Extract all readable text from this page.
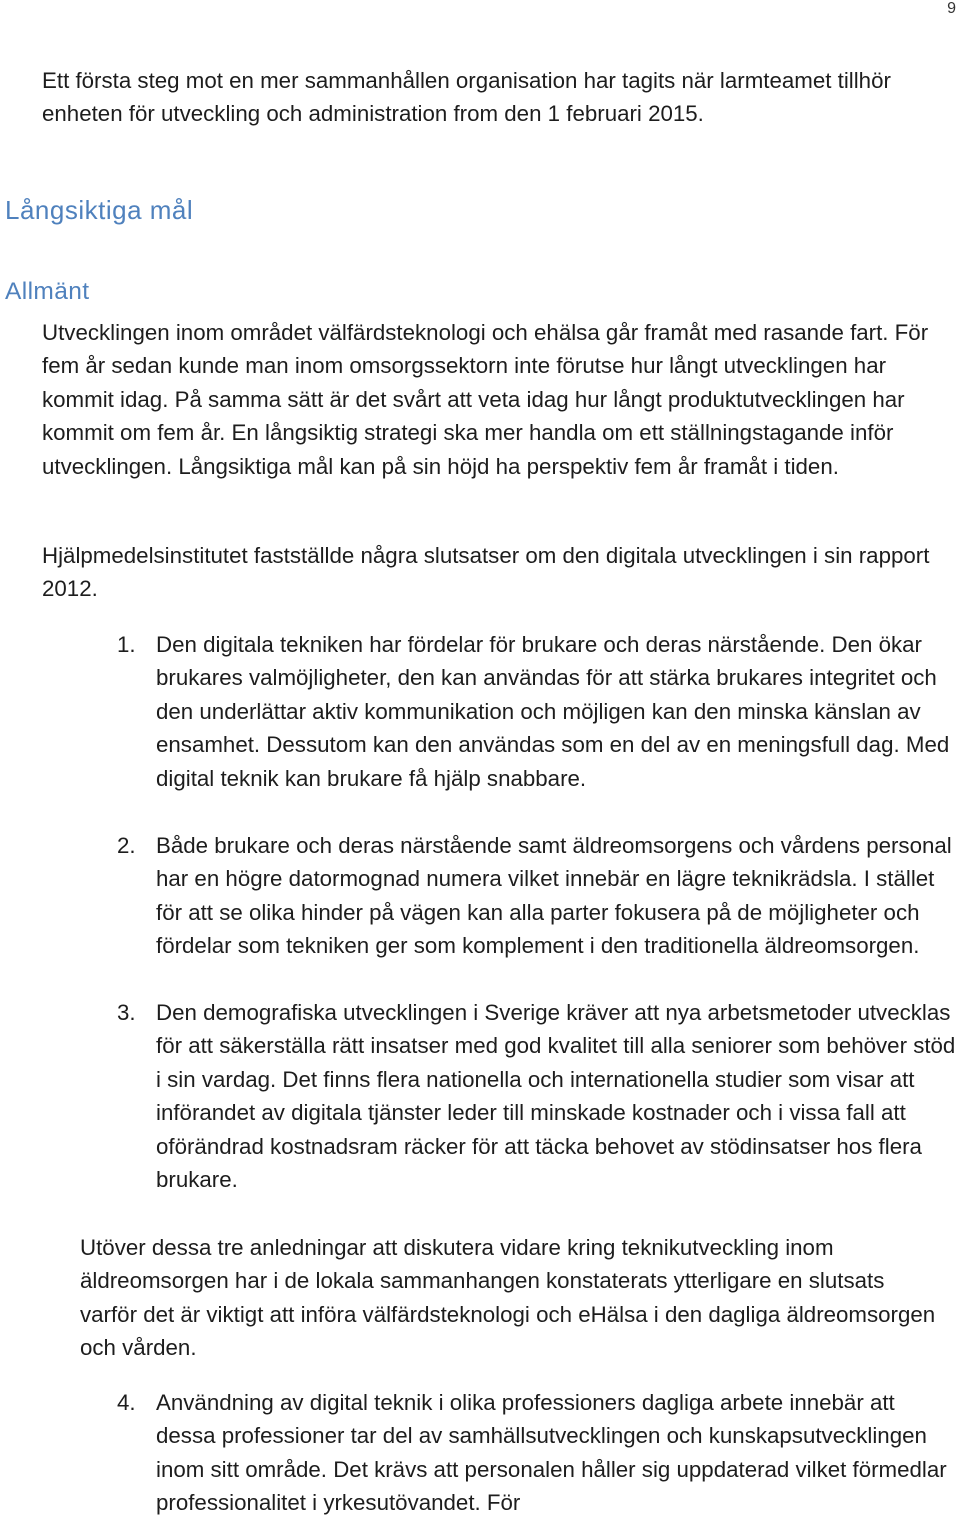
9

Ett första steg mot en mer sammanhållen organisation har tagits när larmteamet tillhör enheten för utveckling och administration from den 1 februari 2015.

Långsiktiga mål
Allmänt

Utvecklingen inom området välfärdsteknologi och ehälsa går framåt med rasande fart. För fem år sedan kunde man inom omsorgssektorn inte förutse hur långt utvecklingen har kommit idag. På samma sätt är det svårt att veta idag hur långt produktutvecklingen har kommit om fem år. En långsiktig strategi ska mer handla om ett ställningstagande inför utvecklingen. Långsiktiga mål kan på sin höjd ha perspektiv fem år framåt i tiden.

Hjälpmedelsinstitutet fastställde några slutsatser om den digitala utvecklingen i sin rapport 2012.

1. Den digitala tekniken har fördelar för brukare och deras närstående. Den ökar brukares valmöjligheter, den kan användas för att stärka brukares integritet och den underlättar aktiv kommunikation och möjligen kan den minska känslan av ensamhet. Dessutom kan den användas som en del av en meningsfull dag. Med digital teknik kan brukare få hjälp snabbare.
2. Både brukare och deras närstående samt äldreomsorgens och vårdens personal har en högre datormognad numera vilket innebär en lägre teknikrädsla. I stället för att se olika hinder på vägen kan alla parter fokusera på de möjligheter och fördelar som tekniken ger som komplement i den traditionella äldreomsorgen.
3. Den demografiska utvecklingen i Sverige kräver att nya arbetsmetoder utvecklas för att säkerställa rätt insatser med god kvalitet till alla seniorer som behöver stöd i sin vardag. Det finns flera nationella och internationella studier som visar att införandet av digitala tjänster leder till minskade kostnader och i vissa fall att oförändrad kostnadsram räcker för att täcka behovet av stödinsatser hos flera brukare.

Utöver dessa tre anledningar att diskutera vidare kring teknikutveckling inom äldreomsorgen har i de lokala sammanhangen konstaterats ytterligare en slutsats varför det är viktigt att införa välfärdsteknologi och eHälsa i den dagliga äldreomsorgen och vården.

4. Användning av digital teknik i olika professioners dagliga arbete innebär att dessa professioner tar del av samhällsutvecklingen och kunskapsutvecklingen inom sitt område. Det krävs att personalen håller sig uppdaterad vilket förmedlar professionalitet i yrkesutövandet. För
